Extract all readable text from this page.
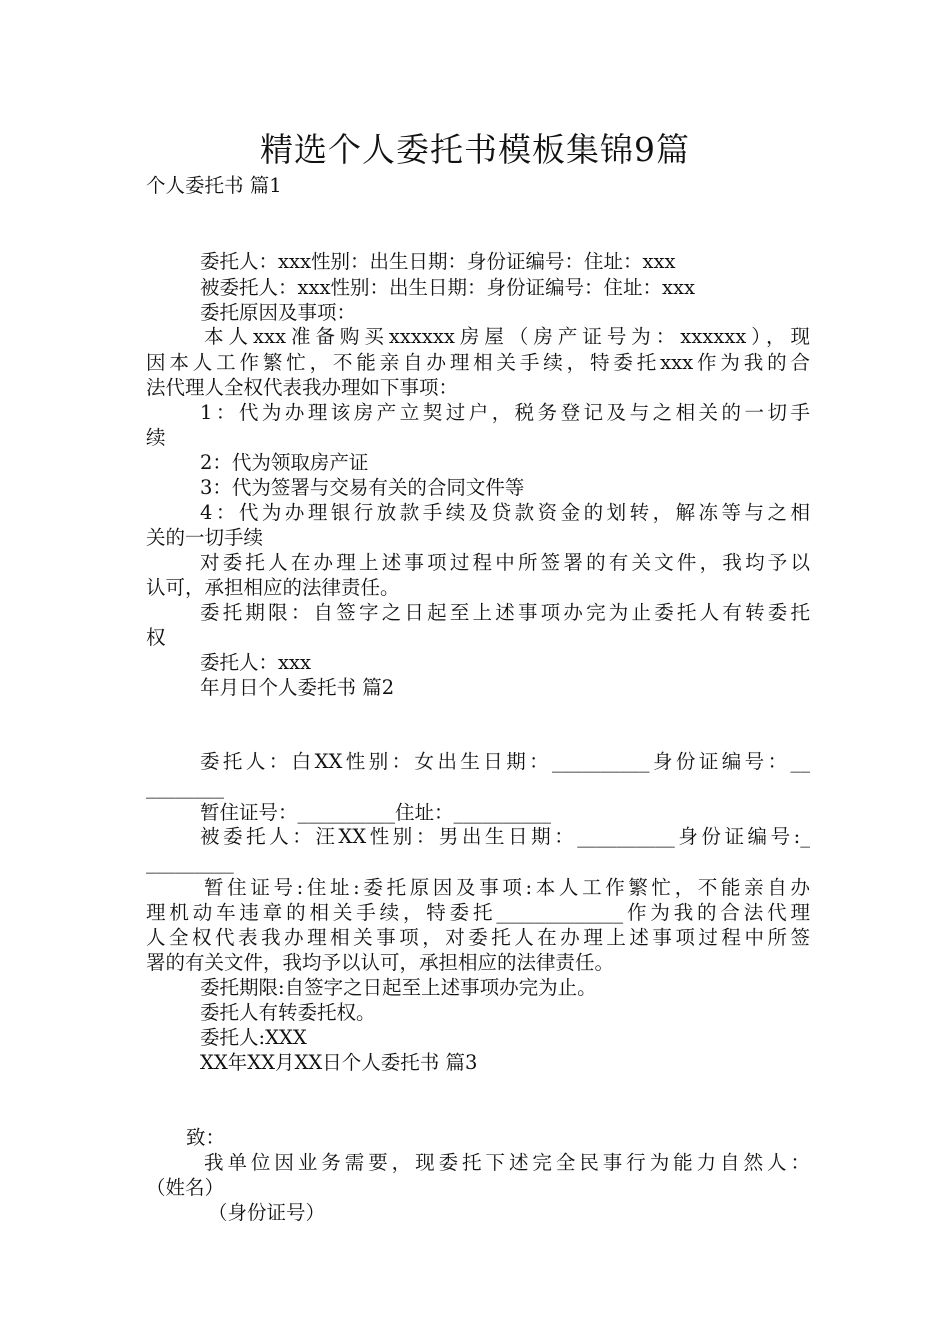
精选个人委托书模板集锦9篇
个人委托书 篇1
委托人：xxx性别：出生日期：身份证编号：住址：xxx
被委托人：xxx性别：出生日期：身份证编号：住址：xxx
委托原因及事项：
本人xxx准备购买xxxxxx房屋（房产证号为：xxxxxx），现
因本人工作繁忙，不能亲自办理相关手续，特委托xxx作为我的合
法代理人全权代表我办理如下事项：
1：代为办理该房产立契过户，税务登记及与之相关的一切手
续
2：代为领取房产证
3：代为签署与交易有关的合同文件等
4：代为办理银行放款手续及贷款资金的划转，解冻等与之相
关的一切手续
对委托人在办理上述事项过程中所签署的有关文件，我均予以
认可，承担相应的法律责任。
委托期限：自签字之日起至上述事项办完为止委托人有转委托
权
委托人：xxx
年月日个人委托书 篇2
委托人：白XX性别：女出生日期：__________身份证编号：__
________
暂住证号：__________住址：__________
被委托人：汪XX性别：男出生日期：__________身份证编号:_
_________
暂住证号:住址:委托原因及事项:本人工作繁忙，不能亲自办
理机动车违章的相关手续，特委托_____________作为我的合法代理
人全权代表我办理相关事项，对委托人在办理上述事项过程中所签
署的有关文件，我均予以认可，承担相应的法律责任。
委托期限:自签字之日起至上述事项办完为止。
委托人有转委托权。
委托人:XXX
XX年XX月XX日个人委托书 篇3
致：
我单位因业务需要，现委托下述完全民事行为能力自然人：
（姓名）
（身份证号）
